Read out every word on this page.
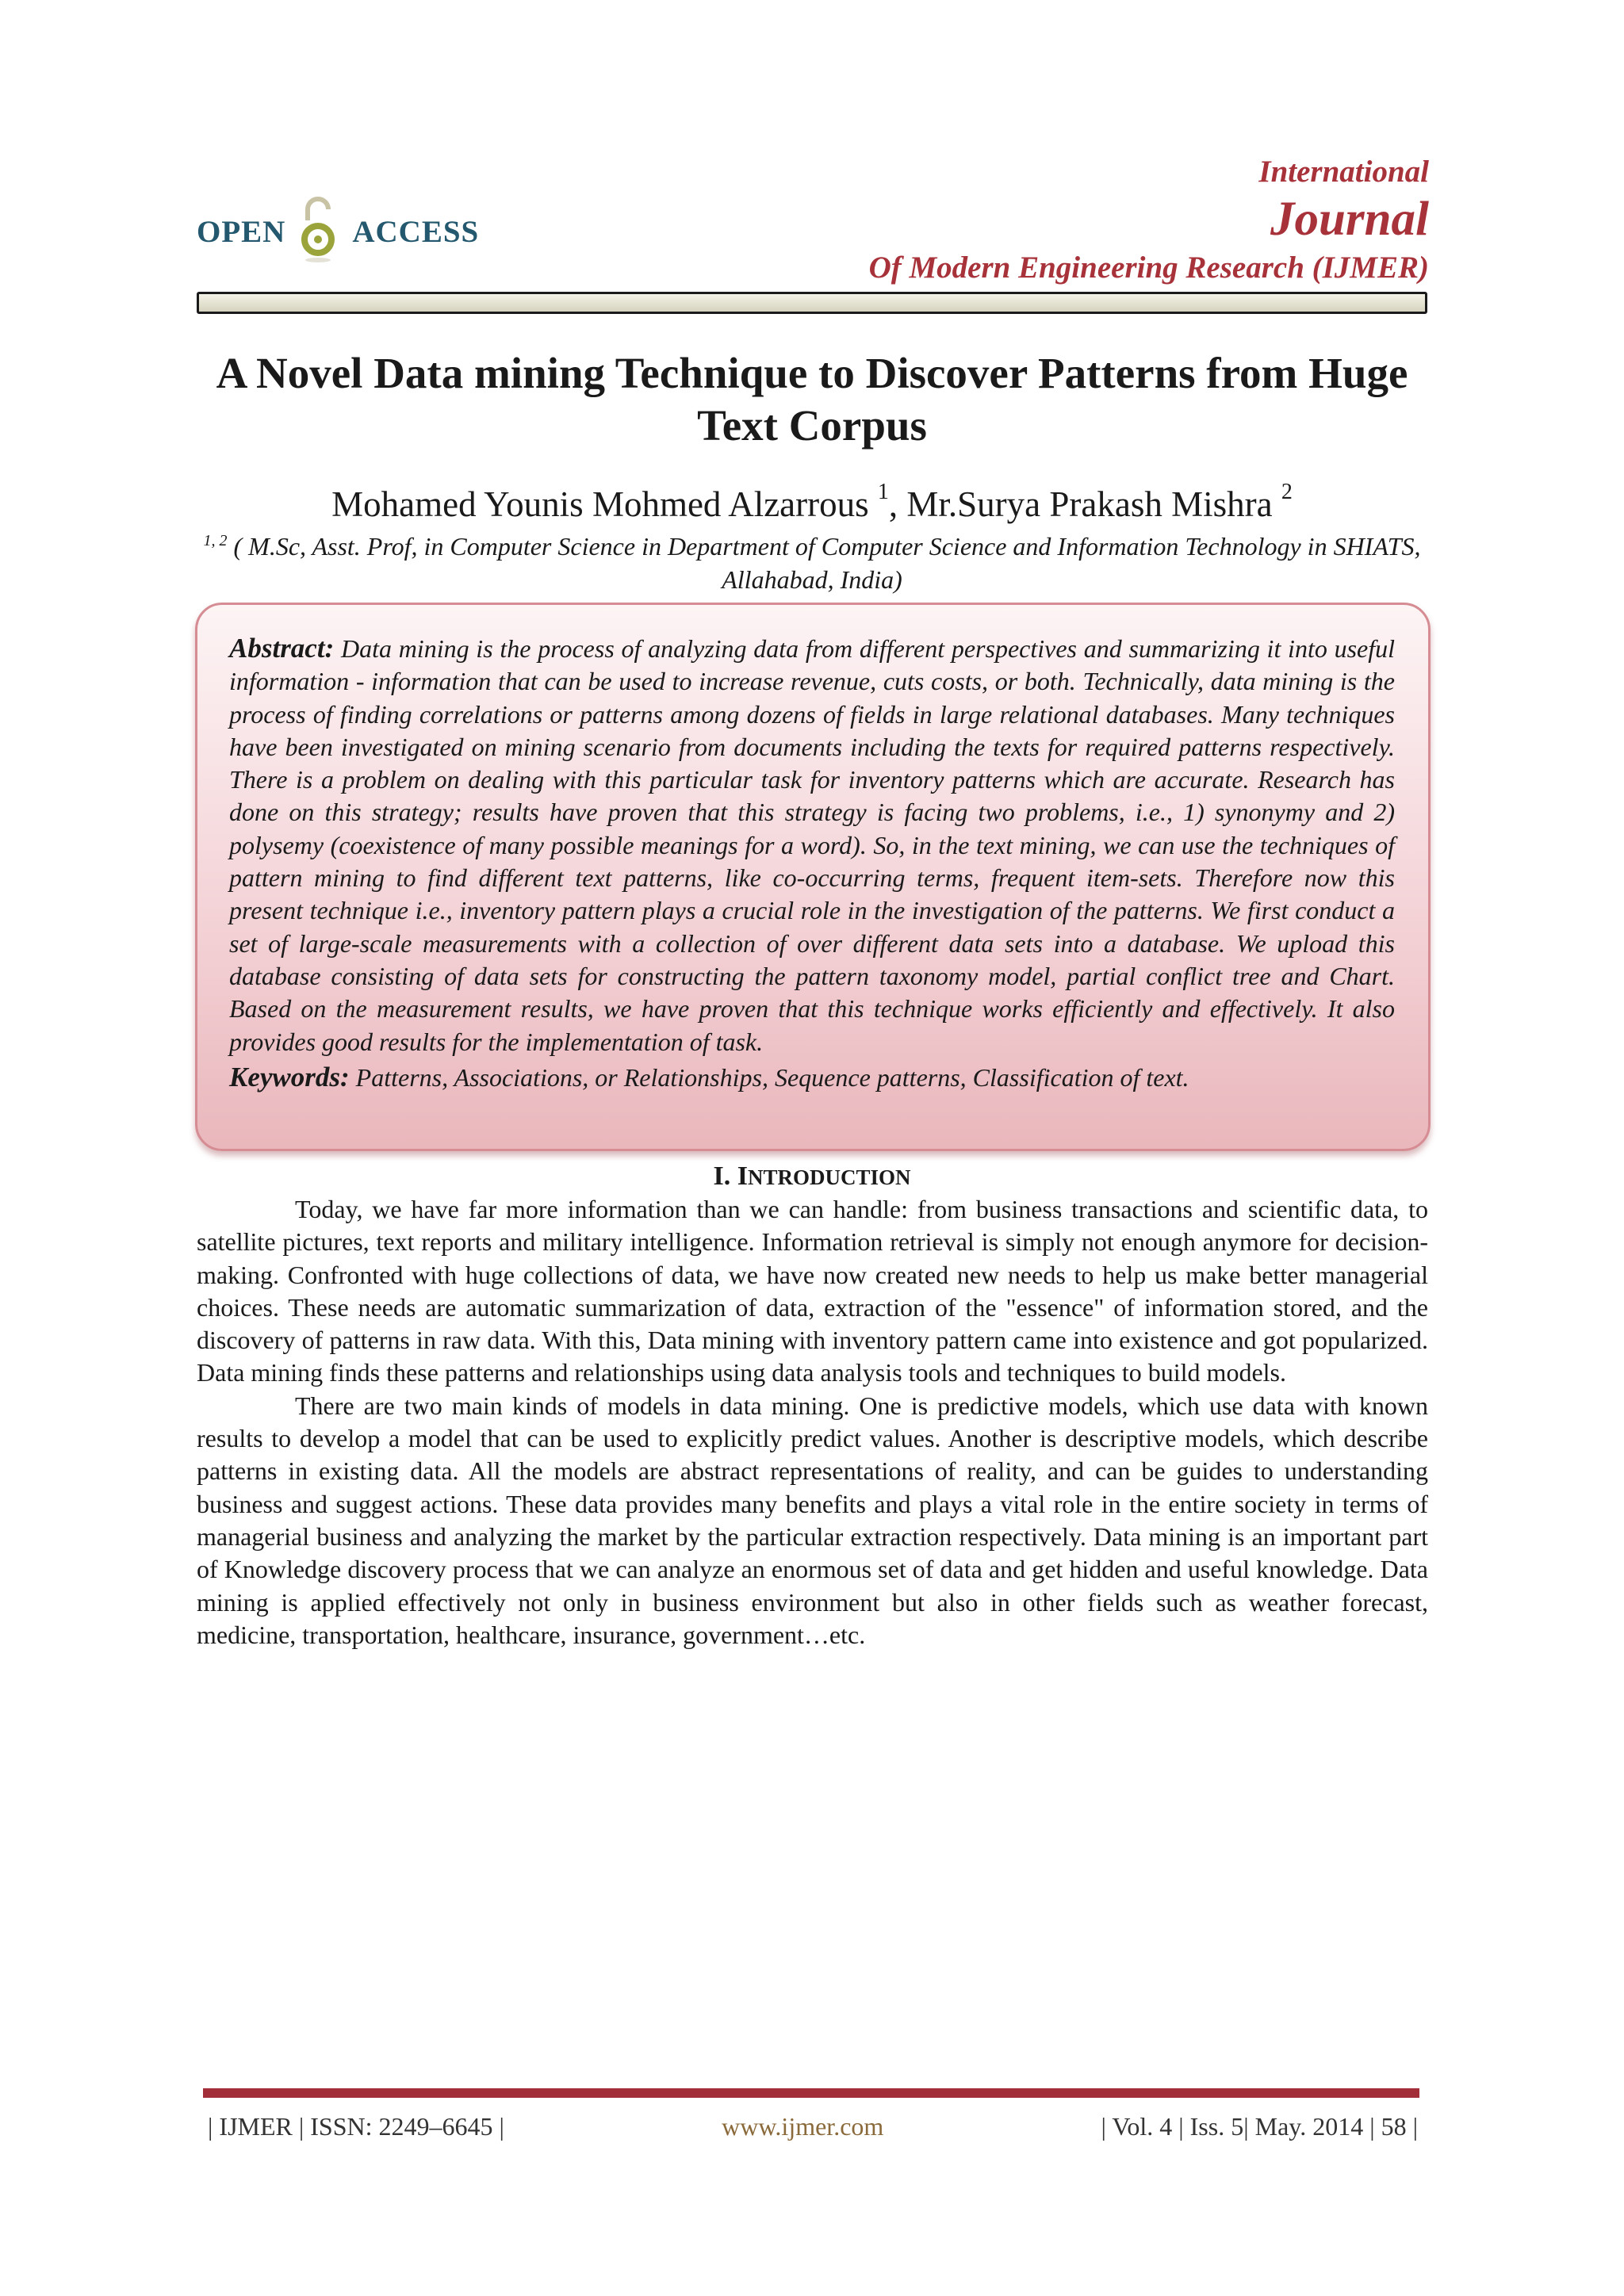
OPEN ACCESS
International
Journal
Of Modern Engineering Research (IJMER)
A Novel Data mining Technique to Discover Patterns from Huge Text Corpus
Mohamed Younis Mohmed Alzarrous $^1$, Mr.Surya Prakash Mishra $^2$
$^{1, 2}$ ( M.Sc, Asst. Prof, in Computer Science in Department of Computer Science and Information Technology in SHIATS, Allahabad, India)

Abstract: Data mining is the process of analyzing data from different perspectives and summarizing it into useful information - information that can be used to increase revenue, cuts costs, or both. Technically, data mining is the process of finding correlations or patterns among dozens of fields in large relational databases. Many techniques have been investigated on mining scenario from documents including the texts for required patterns respectively. There is a problem on dealing with this particular task for inventory patterns which are accurate. Research has done on this strategy; results have proven that this strategy is facing two problems, i.e., 1) synonymy and 2) polysemy (coexistence of many possible meanings for a word). So, in the text mining, we can use the techniques of pattern mining to find different text patterns, like co-occurring terms, frequent item-sets. Therefore now this present technique i.e., inventory pattern plays a crucial role in the investigation of the patterns. We first conduct a set of large-scale measurements with a collection of over different data sets into a database. We upload this database consisting of data sets for constructing the pattern taxonomy model, partial conflict tree and Chart. Based on the measurement results, we have proven that this technique works efficiently and effectively. It also provides good results for the implementation of task.

Keywords: Patterns, Associations, or Relationships, Sequence patterns, Classification of text.

I. INTRODUCTION

Today, we have far more information than we can handle: from business transactions and scientific data, to satellite pictures, text reports and military intelligence. Information retrieval is simply not enough anymore for decision-making. Confronted with huge collections of data, we have now created new needs to help us make better managerial choices. These needs are automatic summarization of data, extraction of the "essence" of information stored, and the discovery of patterns in raw data. With this, Data mining with inventory pattern came into existence and got popularized. Data mining finds these patterns and relationships using data analysis tools and techniques to build models.

There are two main kinds of models in data mining. One is predictive models, which use data with known results to develop a model that can be used to explicitly predict values. Another is descriptive models, which describe patterns in existing data. All the models are abstract representations of reality, and can be guides to understanding business and suggest actions. These data provides many benefits and plays a vital role in the entire society in terms of managerial business and analyzing the market by the particular extraction respectively. Data mining is an important part of Knowledge discovery process that we can analyze an enormous set of data and get hidden and useful knowledge. Data mining is applied effectively not only in business environment but also in other fields such as weather forecast, medicine, transportation, healthcare, insurance, government…etc.

| IJMER | ISSN: 2249–6645 |	www.ijmer.com	| Vol. 4 | Iss. 5| May. 2014 | 58 |
